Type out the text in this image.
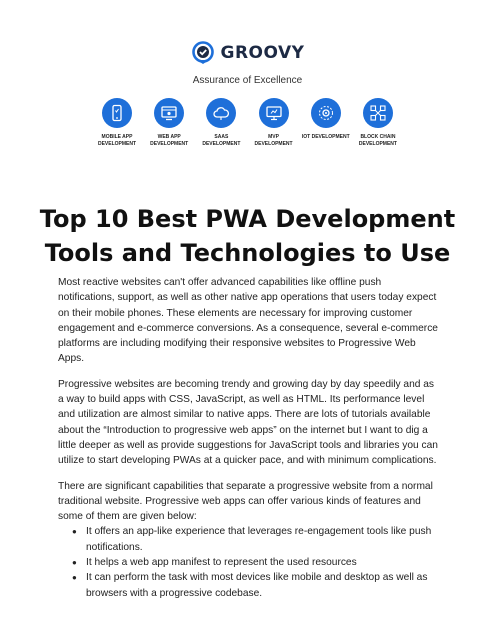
GROOVY
Assurance of Excellence
MOBILE APP DEVELOPMENT
WEB APP DEVELOPMENT
SAAS DEVELOPMENT
MVP DEVELOPMENT
IOT DEVELOPMENT	BLOCK CHAIN DEVELOPMENT
Top 10 Best PWA Development Tools and Technologies to Use

Most reactive websites can't offer advanced capabilities like offline push notifications, support, as well as other native app operations that users today expect on their mobile phones. These elements are necessary for improving customer engagement and e-commerce conversions. As a consequence, several e-commerce platforms are including modifying their responsive websites to Progressive Web Apps.

Progressive websites are becoming trendy and growing day by day speedily and as a way to build apps with CSS, JavaScript, as well as HTML. Its performance level and utilization are almost similar to native apps. There are lots of tutorials available about the “Introduction to progressive web apps” on the internet but I want to dig a little deeper as well as provide suggestions for JavaScript tools and libraries you can utilize to start developing PWAs at a quicker pace, and with minimum complications.

There are significant capabilities that separate a progressive website from a normal traditional website. Progressive web apps can offer various kinds of features and some of them are given below:

● It offers an app-like experience that leverages re-engagement tools like push notifications.
● It helps a web app manifest to represent the used resources
● It can perform the task with most devices like mobile and desktop as well as browsers with a progressive codebase.
